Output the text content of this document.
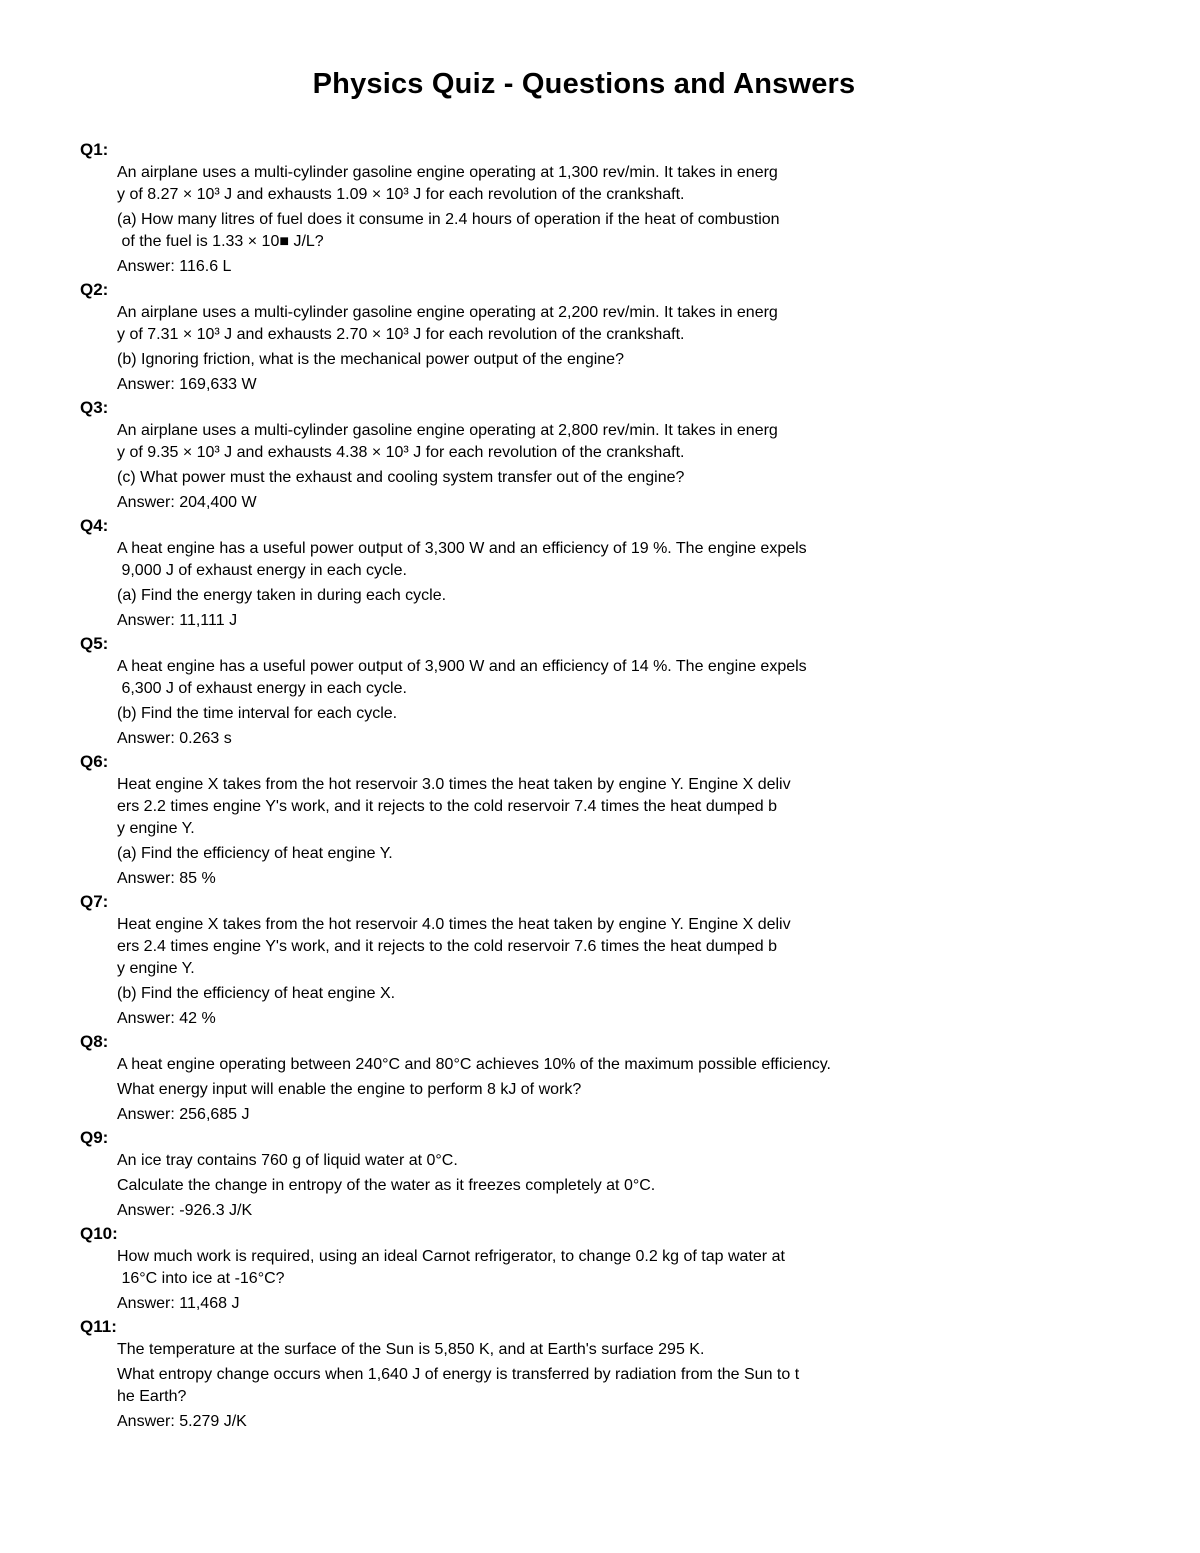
Physics Quiz - Questions and Answers
Q1:
An airplane uses a multi-cylinder gasoline engine operating at 1,300 rev/min. It takes in energ
y of 8.27 × 10³ J and exhausts 1.09 × 10³ J for each revolution of the crankshaft.
(a) How many litres of fuel does it consume in 2.4 hours of operation if the heat of combustion
of the fuel is 1.33 × 10■ J/L?
Answer: 116.6 L
Q2:
An airplane uses a multi-cylinder gasoline engine operating at 2,200 rev/min. It takes in energ
y of 7.31 × 10³ J and exhausts 2.70 × 10³ J for each revolution of the crankshaft.
(b) Ignoring friction, what is the mechanical power output of the engine?
Answer: 169,633 W
Q3:
An airplane uses a multi-cylinder gasoline engine operating at 2,800 rev/min. It takes in energ
y of 9.35 × 10³ J and exhausts 4.38 × 10³ J for each revolution of the crankshaft.
(c) What power must the exhaust and cooling system transfer out of the engine?
Answer: 204,400 W
Q4:
A heat engine has a useful power output of 3,300 W and an efficiency of 19 %. The engine expels
9,000 J of exhaust energy in each cycle.
(a) Find the energy taken in during each cycle.
Answer: 11,111 J
Q5:
A heat engine has a useful power output of 3,900 W and an efficiency of 14 %. The engine expels
6,300 J of exhaust energy in each cycle.
(b) Find the time interval for each cycle.
Answer: 0.263 s
Q6:
Heat engine X takes from the hot reservoir 3.0 times the heat taken by engine Y. Engine X deliv
ers 2.2 times engine Y's work, and it rejects to the cold reservoir 7.4 times the heat dumped b
y engine Y.
(a) Find the efficiency of heat engine Y.
Answer: 85 %
Q7:
Heat engine X takes from the hot reservoir 4.0 times the heat taken by engine Y. Engine X deliv
ers 2.4 times engine Y's work, and it rejects to the cold reservoir 7.6 times the heat dumped b
y engine Y.
(b) Find the efficiency of heat engine X.
Answer: 42 %
Q8:
A heat engine operating between 240°C and 80°C achieves 10% of the maximum possible efficiency.
What energy input will enable the engine to perform 8 kJ of work?
Answer: 256,685 J
Q9:
An ice tray contains 760 g of liquid water at 0°C.
Calculate the change in entropy of the water as it freezes completely at 0°C.
Answer: -926.3 J/K
Q10:
How much work is required, using an ideal Carnot refrigerator, to change 0.2 kg of tap water at
16°C into ice at -16°C?
Answer: 11,468 J
Q11:
The temperature at the surface of the Sun is 5,850 K, and at Earth's surface 295 K.
What entropy change occurs when 1,640 J of energy is transferred by radiation from the Sun to t
he Earth?
Answer: 5.279 J/K
